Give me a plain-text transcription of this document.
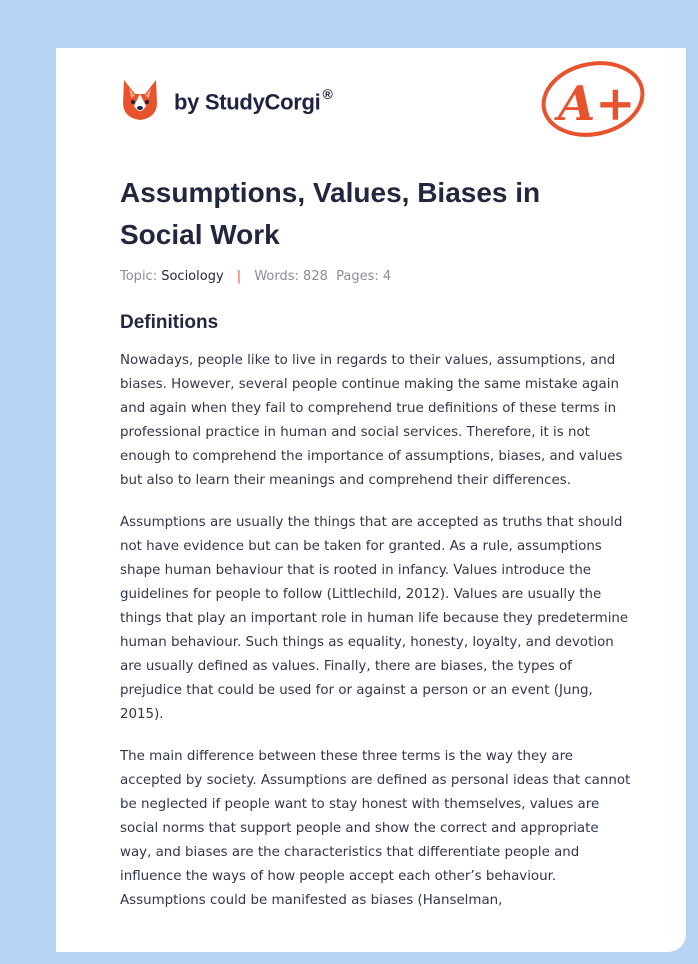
by StudyCorgi ®	A+
Assumptions, Values, Biases in Social Work
Topic: Sociology | Words: 828 Pages: 4
Definitions

Nowadays, people like to live in regards to their values, assumptions, and biases. However, several people continue making the same mistake again and again when they fail to comprehend true definitions of these terms in professional practice in human and social services. Therefore, it is not enough to comprehend the importance of assumptions, biases, and values but also to learn their meanings and comprehend their differences.

Assumptions are usually the things that are accepted as truths that should not have evidence but can be taken for granted. As a rule, assumptions shape human behaviour that is rooted in infancy. Values introduce the guidelines for people to follow (Littlechild, 2012). Values are usually the things that play an important role in human life because they predetermine human behaviour. Such things as equality, honesty, loyalty, and devotion are usually defined as values. Finally, there are biases, the types of prejudice that could be used for or against a person or an event (Jung, 2015).

The main difference between these three terms is the way they are accepted by society. Assumptions are defined as personal ideas that cannot be neglected if people want to stay honest with themselves, values are social norms that support people and show the correct and appropriate way, and biases are the characteristics that differentiate people and influence the ways of how people accept each other’s behaviour. Assumptions could be manifested as biases (Hanselman,
